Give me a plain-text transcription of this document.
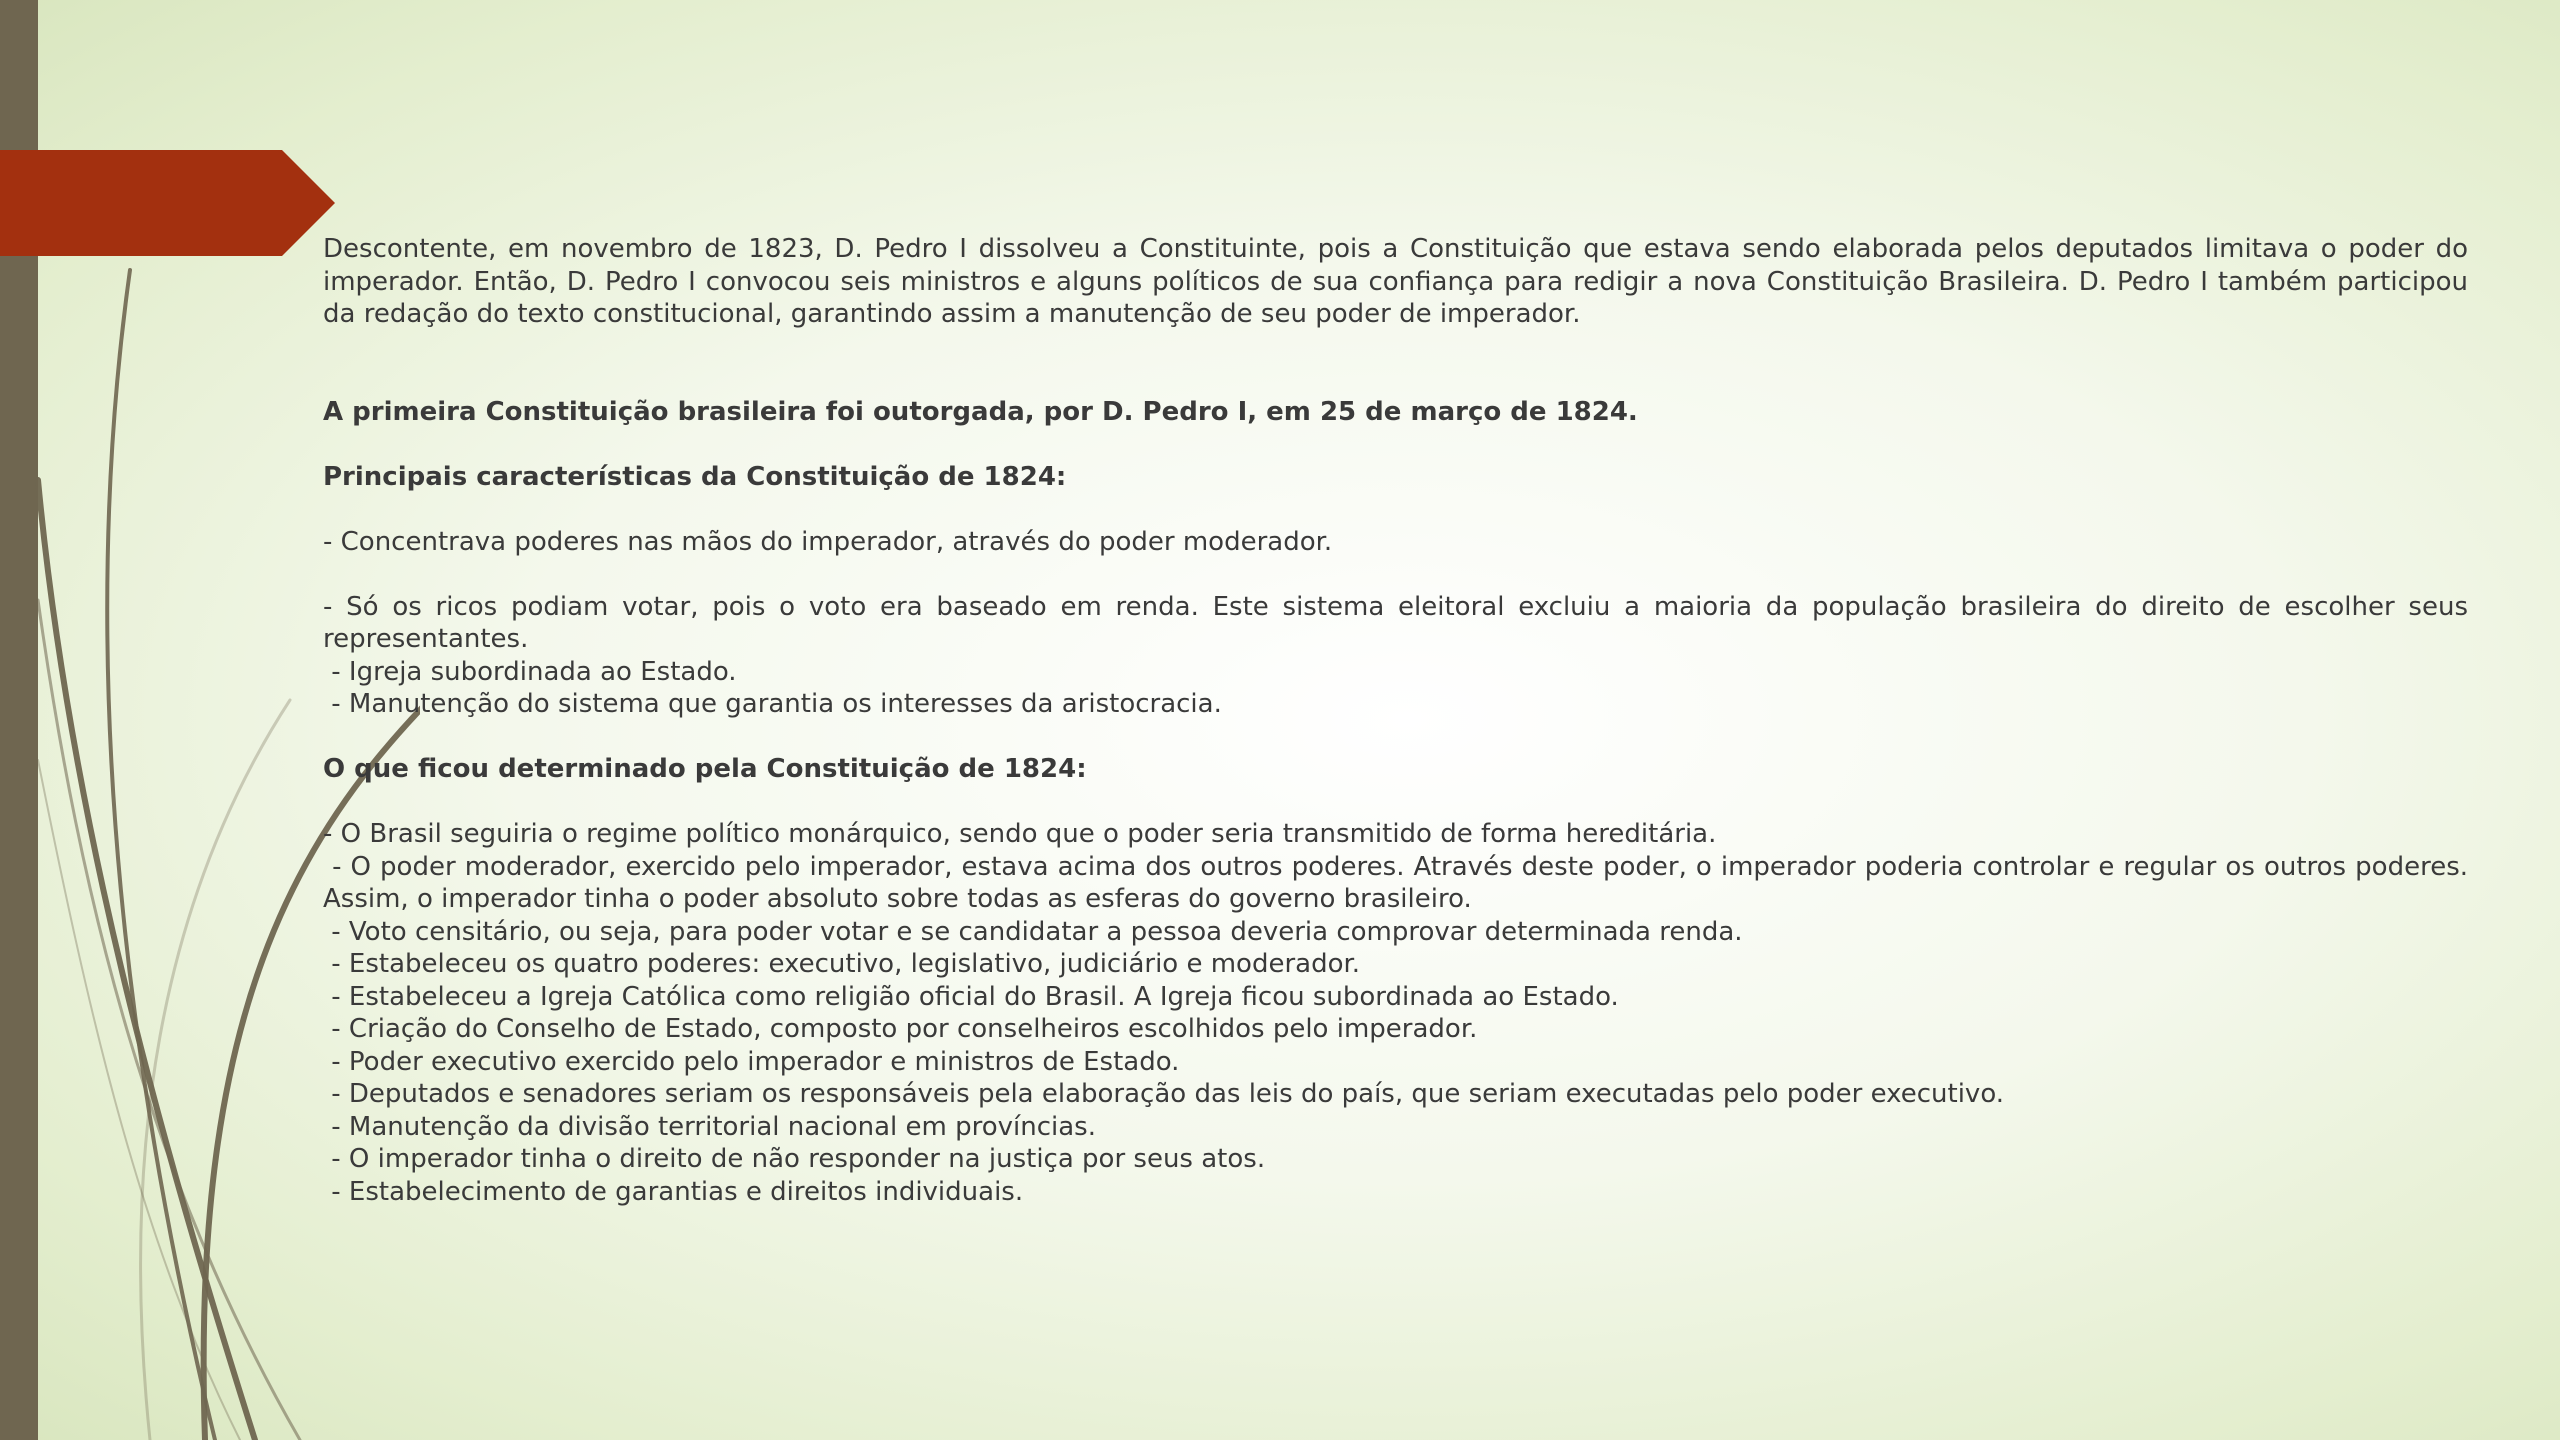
Descontente, em novembro de 1823, D. Pedro I dissolveu a Constituinte, pois a Constituição que estava sendo elaborada pelos deputados limitava o poder do imperador. Então, D. Pedro I convocou seis ministros e alguns políticos de sua confiança para redigir a nova Constituição Brasileira. D. Pedro I também participou da redação do texto constitucional, garantindo assim a manutenção de seu poder de imperador.

A primeira Constituição brasileira foi outorgada, por D. Pedro I, em 25 de março de 1824.

Principais características da Constituição de 1824:

- Concentrava poderes nas mãos do imperador, através do poder moderador.

- Só os ricos podiam votar, pois o voto era baseado em renda. Este sistema eleitoral excluiu a maioria da população brasileira do direito de escolher seus representantes.

- Igreja subordinada ao Estado.

- Manutenção do sistema que garantia os interesses da aristocracia.

O que ficou determinado pela Constituição de 1824:

- O Brasil seguiria o regime político monárquico, sendo que o poder seria transmitido de forma hereditária.

- O poder moderador, exercido pelo imperador, estava acima dos outros poderes. Através deste poder, o imperador poderia controlar e regular os outros poderes. Assim, o imperador tinha o poder absoluto sobre todas as esferas do governo brasileiro.

- Voto censitário, ou seja, para poder votar e se candidatar a pessoa deveria comprovar determinada renda.

- Estabeleceu os quatro poderes: executivo, legislativo, judiciário e moderador.

- Estabeleceu a Igreja Católica como religião oficial do Brasil. A Igreja ficou subordinada ao Estado.

- Criação do Conselho de Estado, composto por conselheiros escolhidos pelo imperador.

- Poder executivo exercido pelo imperador e ministros de Estado.

- Deputados e senadores seriam os responsáveis pela elaboração das leis do país, que seriam executadas pelo poder executivo.

- Manutenção da divisão territorial nacional em províncias.

- O imperador tinha o direito de não responder na justiça por seus atos.

- Estabelecimento de garantias e direitos individuais.
